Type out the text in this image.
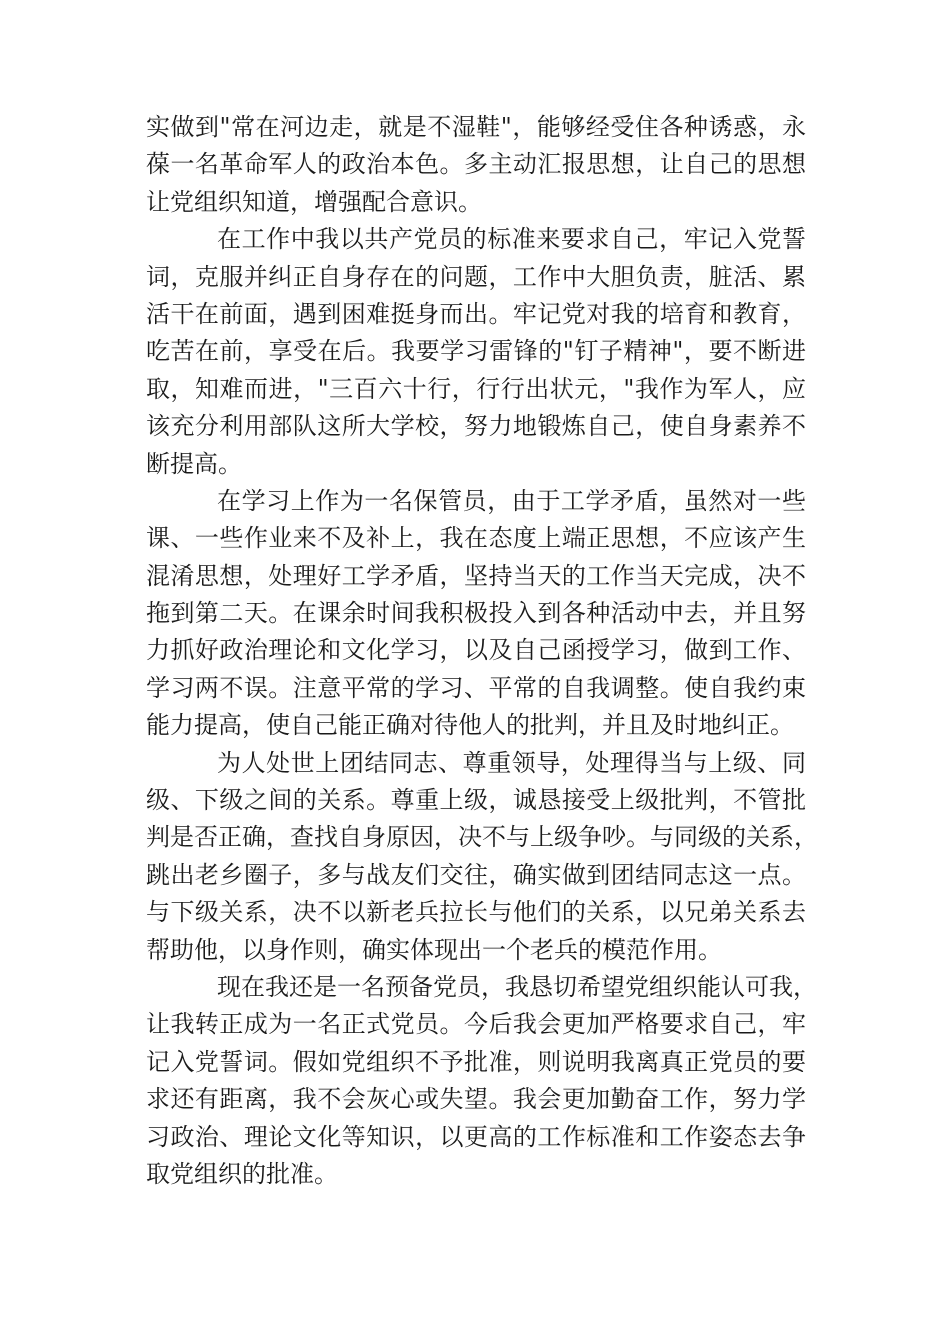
实做到"常在河边走，就是不湿鞋"，能够经受住各种诱惑，永
葆一名革命军人的政治本色。多主动汇报思想，让自己的思想
让党组织知道，增强配合意识。
在工作中我以共产党员的标准来要求自己，牢记入党誓
词，克服并纠正自身存在的问题，工作中大胆负责，脏活、累
活干在前面，遇到困难挺身而出。牢记党对我的培育和教育，
吃苦在前，享受在后。我要学习雷锋的"钉子精神"，要不断进
取，知难而进，"三百六十行，行行出状元，"我作为军人，应
该充分利用部队这所大学校，努力地锻炼自己，使自身素养不
断提高。
在学习上作为一名保管员，由于工学矛盾，虽然对一些
课、一些作业来不及补上，我在态度上端正思想，不应该产生
混淆思想，处理好工学矛盾，坚持当天的工作当天完成，决不
拖到第二天。在课余时间我积极投入到各种活动中去，并且努
力抓好政治理论和文化学习，以及自己函授学习，做到工作、
学习两不误。注意平常的学习、平常的自我调整。使自我约束
能力提高，使自己能正确对待他人的批判，并且及时地纠正。
为人处世上团结同志、尊重领导，处理得当与上级、同
级、下级之间的关系。尊重上级，诚恳接受上级批判，不管批
判是否正确，查找自身原因，决不与上级争吵。与同级的关系，
跳出老乡圈子，多与战友们交往，确实做到团结同志这一点。
与下级关系，决不以新老兵拉长与他们的关系，以兄弟关系去
帮助他，以身作则，确实体现出一个老兵的模范作用。
现在我还是一名预备党员，我恳切希望党组织能认可我，
让我转正成为一名正式党员。今后我会更加严格要求自己，牢
记入党誓词。假如党组织不予批准，则说明我离真正党员的要
求还有距离，我不会灰心或失望。我会更加勤奋工作，努力学
习政治、理论文化等知识，以更高的工作标准和工作姿态去争
取党组织的批准。
